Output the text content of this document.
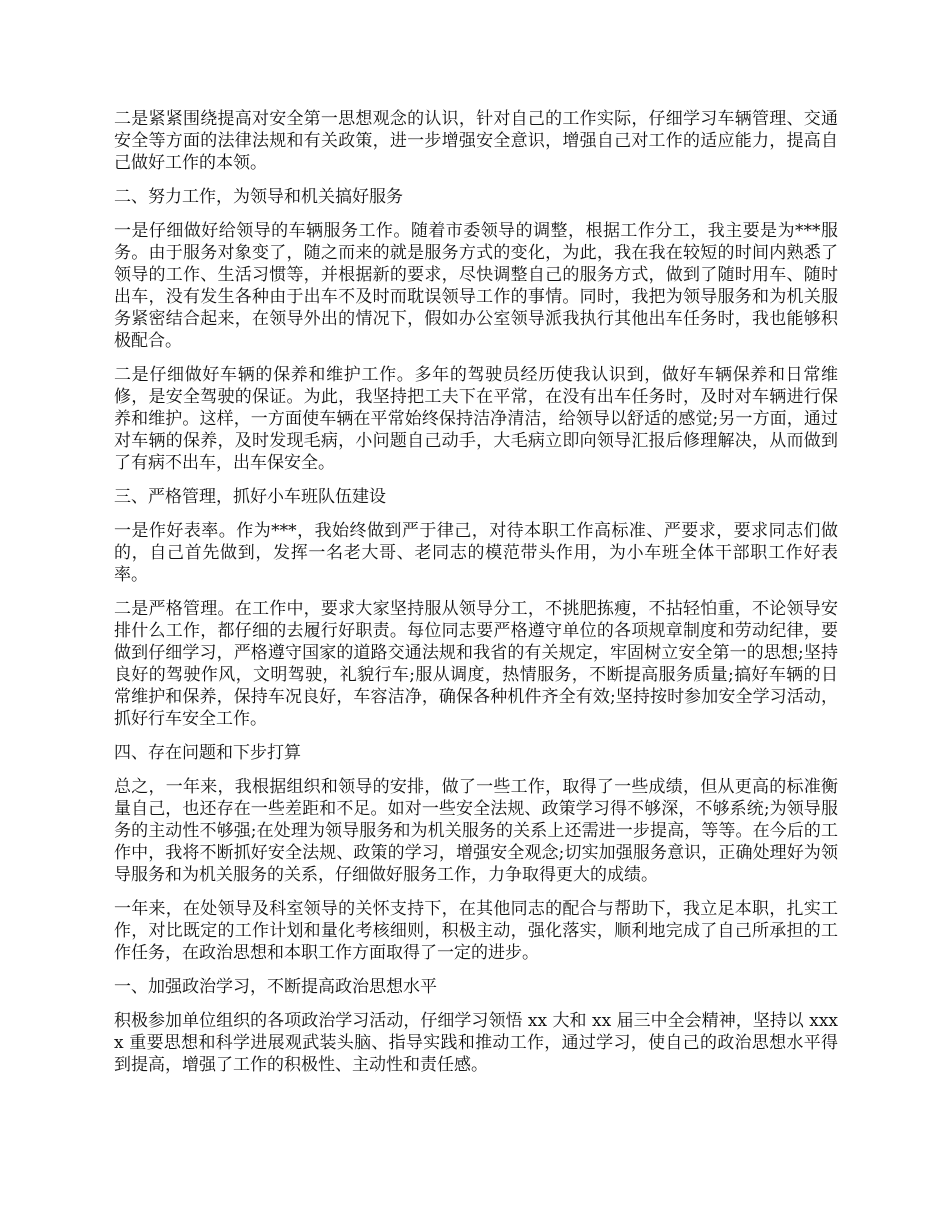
二是紧紧围绕提高对安全第一思想观念的认识，针对自己的工作实际，仔细学习车辆管理、交通安全等方面的法律法规和有关政策，进一步增强安全意识，增强自己对工作的适应能力，提高自己做好工作的本领。

二、努力工作，为领导和机关搞好服务

一是仔细做好给领导的车辆服务工作。随着市委领导的调整，根据工作分工，我主要是为***服务。由于服务对象变了，随之而来的就是服务方式的变化，为此，我在我在较短的时间内熟悉了领导的工作、生活习惯等，并根据新的要求，尽快调整自己的服务方式，做到了随时用车、随时出车，没有发生各种由于出车不及时而耽误领导工作的事情。同时，我把为领导服务和为机关服务紧密结合起来，在领导外出的情况下，假如办公室领导派我执行其他出车任务时，我也能够积极配合。

二是仔细做好车辆的保养和维护工作。多年的驾驶员经历使我认识到，做好车辆保养和日常维修，是安全驾驶的保证。为此，我坚持把工夫下在平常，在没有出车任务时，及时对车辆进行保养和维护。这样，一方面使车辆在平常始终保持洁净清洁，给领导以舒适的感觉;另一方面，通过对车辆的保养，及时发现毛病，小问题自己动手，大毛病立即向领导汇报后修理解决，从而做到了有病不出车，出车保安全。

三、严格管理，抓好小车班队伍建设

一是作好表率。作为***，我始终做到严于律己，对待本职工作高标准、严要求，要求同志们做的，自己首先做到，发挥一名老大哥、老同志的模范带头作用，为小车班全体干部职工作好表率。

二是严格管理。在工作中，要求大家坚持服从领导分工，不挑肥拣瘦，不拈轻怕重，不论领导安排什么工作，都仔细的去履行好职责。每位同志要严格遵守单位的各项规章制度和劳动纪律，要做到仔细学习，严格遵守国家的道路交通法规和我省的有关规定，牢固树立安全第一的思想;坚持良好的驾驶作风，文明驾驶，礼貌行车;服从调度，热情服务，不断提高服务质量;搞好车辆的日常维护和保养，保持车况良好，车容洁净，确保各种机件齐全有效;坚持按时参加安全学习活动，抓好行车安全工作。

四、存在问题和下步打算

总之，一年来，我根据组织和领导的安排，做了一些工作，取得了一些成绩，但从更高的标准衡量自己，也还存在一些差距和不足。如对一些安全法规、政策学习得不够深，不够系统;为领导服务的主动性不够强;在处理为领导服务和为机关服务的关系上还需进一步提高，等等。在今后的工作中，我将不断抓好安全法规、政策的学习，增强安全观念;切实加强服务意识，正确处理好为领导服务和为机关服务的关系，仔细做好服务工作，力争取得更大的成绩。

一年来，在处领导及科室领导的关怀支持下，在其他同志的配合与帮助下，我立足本职，扎实工作，对比既定的工作计划和量化考核细则，积极主动，强化落实，顺利地完成了自己所承担的工作任务，在政治思想和本职工作方面取得了一定的进步。

一、加强政治学习，不断提高政治思想水平

积极参加单位组织的各项政治学习活动，仔细学习领悟 xx 大和 xx 届三中全会精神，坚持以 xxxx 重要思想和科学进展观武装头脑、指导实践和推动工作，通过学习，使自己的政治思想水平得到提高，增强了工作的积极性、主动性和责任感。
